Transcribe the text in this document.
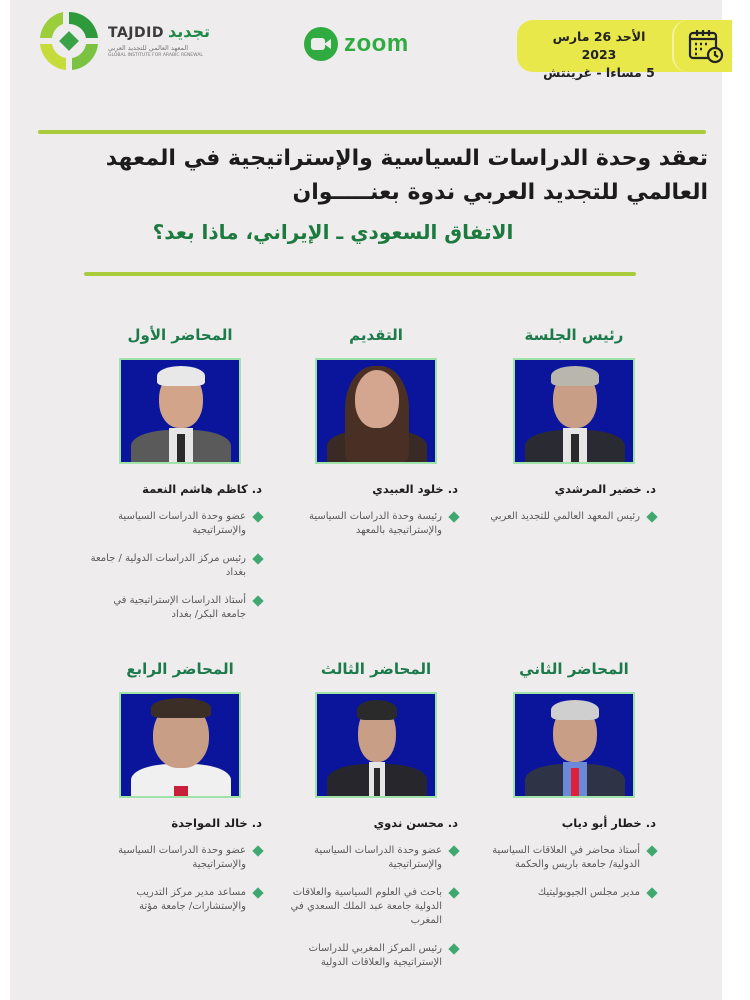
TAJDID تجديد
المعهد العالمي للتجديد العربي
GLOBAL INSTITUTE FOR ARABIC RENEWAL	zoom	الأحد 26 مارس 2023
5 مساءا - غرينتش
تعقد وحدة الدراسات السياسية والإستراتيجية في المعهد العالمي للتجديد العربي ندوة بعنـــــوان
الاتفاق السعودي ـ الإيراني، ماذا بعد؟
رئيس الجلسة
د. خضير المرشدي
رئيس المعهد العالمي للتجديد العربي
التقديم
د. خلود العبيدي
رئيسة وحدة الدراسات السياسية والإستراتيجية بالمعهد
المحاضر الأول
د. كاظم هاشم النعمة
عضو وحدة الدراسات السياسية والإستراتيجية
رئيس مركز الدراسات الدولية / جامعة بغداد
أستاذ الدراسات الإستراتيجية في جامعة البكر/ بغداد
المحاضر الثاني
د. خطار أبو دياب
أستاذ محاضر في العلاقات السياسية الدولية/ جامعة باريس والحكمة
مدير مجلس الجيوبوليتيك
المحاضر الثالث
د. محسن ندوي
عضو وحدة الدراسات السياسية والإستراتيجية
باحث في العلوم السياسية والعلاقات الدولية جامعة عبد الملك السعدي في المغرب
رئيس المركز المغربي للدراسات الإستراتيجية والعلاقات الدولية
المحاضر الرابع
د. خالد المواجدة
عضو وحدة الدراسات السياسية والإستراتيجية
مساعد مدير مركز التدريب والإستشارات/ جامعة مؤتة
